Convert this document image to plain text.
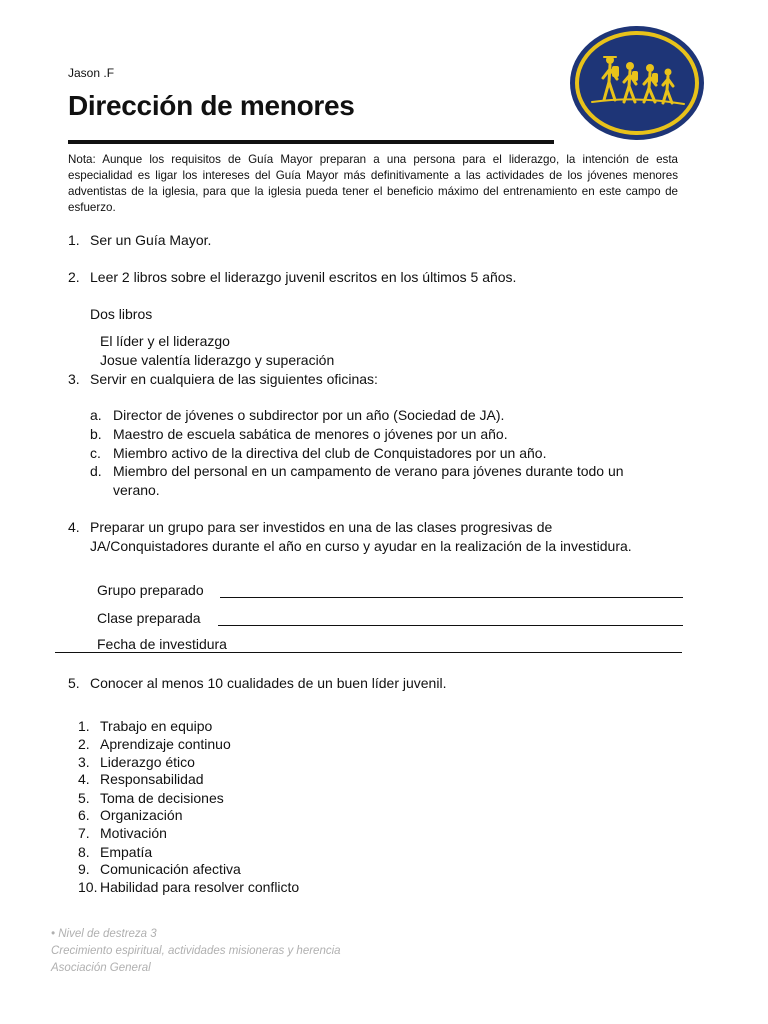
Jason .F
Dirección de menores
Nota: Aunque los requisitos de Guía Mayor preparan a una persona para el liderazgo, la intención de esta especialidad es ligar los intereses del Guía Mayor más definitivamente a las actividades de los jóvenes menores adventistas de la iglesia, para que la iglesia pueda tener el beneficio máximo del entrenamiento en este campo de esfuerzo.
1. Ser un Guía Mayor.
2. Leer 2 libros sobre el liderazgo juvenil escritos en los últimos 5 años.
Dos libros
El líder y el liderazgo
Josue valentía liderazgo y superación
3. Servir en cualquiera de las siguientes oficinas:
a. Director de jóvenes o subdirector por un año (Sociedad de JA).
b. Maestro de escuela sabática de menores o jóvenes por un año.
c. Miembro activo de la directiva del club de Conquistadores por un año.
d. Miembro del personal en un campamento de verano para jóvenes durante todo un
verano.
4. Preparar un grupo para ser investidos en una de las clases progresivas de
JA/Conquistadores durante el año en curso y ayudar en la realización de la investidura.
Grupo preparado
Clase preparada
Fecha de investidura
5. Conocer al menos 10 cualidades de un buen líder juvenil.
1. Trabajo en equipo
2. Aprendizaje continuo
3. Liderazgo ético
4. Responsabilidad
5. Toma de decisiones
6. Organización
7. Motivación
8. Empatía
9. Comunicación afectiva
10. Habilidad para resolver conflicto
• Nivel de destreza 3
Crecimiento espiritual, actividades misioneras y herencia
Asociación General
